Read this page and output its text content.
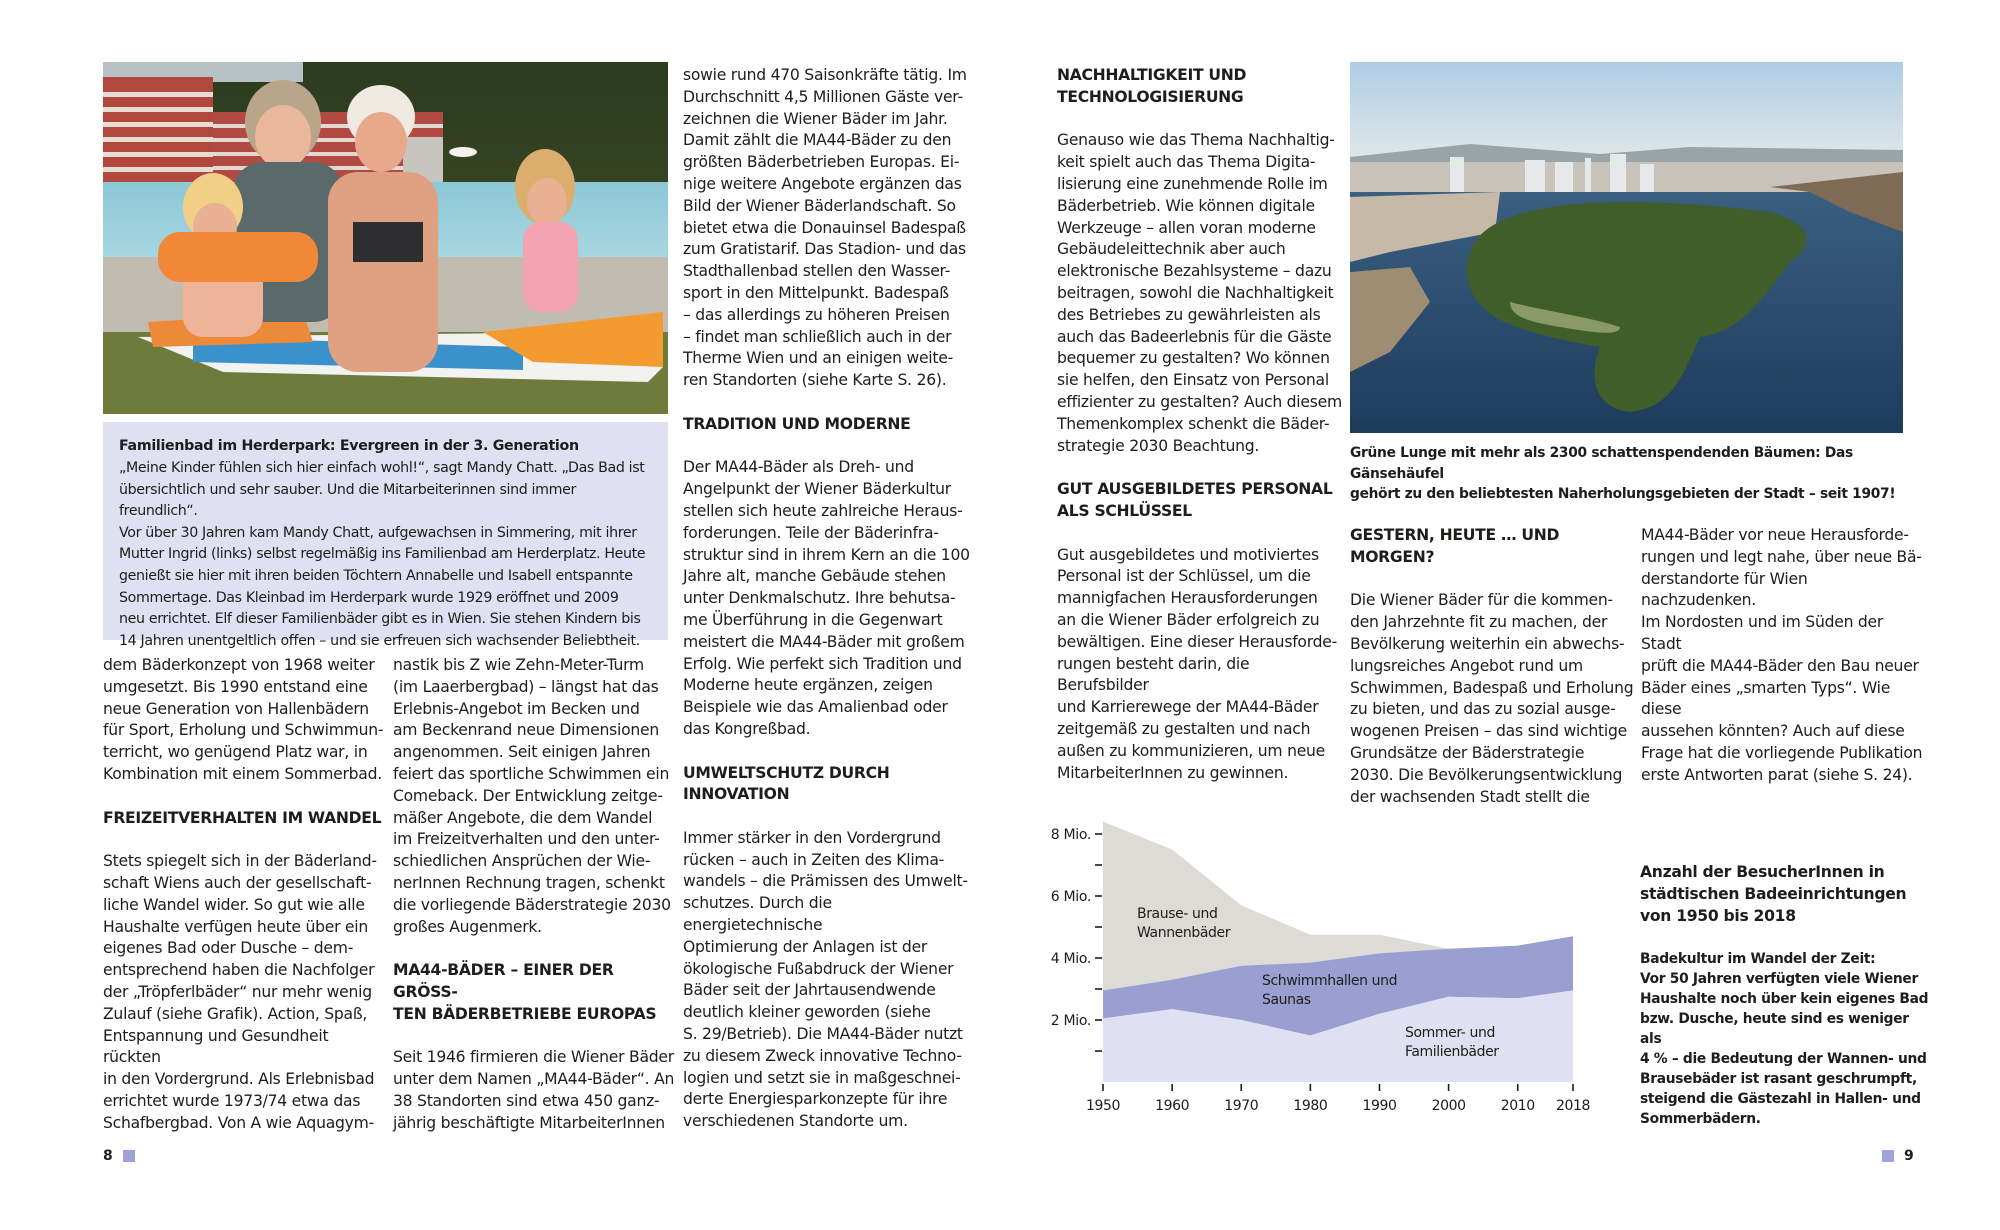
Familienbad im Herderpark: Evergreen in der 3. Generation
„Meine Kinder fühlen sich hier einfach wohl!“, sagt Mandy Chatt. „Das Bad ist
übersichtlich und sehr sauber. Und die Mitarbeiterinnen sind immer freundlich“.
Vor über 30 Jahren kam Mandy Chatt, aufgewachsen in Simmering, mit ihrer
Mutter Ingrid (links) selbst regelmäßig ins Familienbad am Herderplatz. Heute
genießt sie hier mit ihren beiden Töchtern Annabelle und Isabell entspannte
Sommertage. Das Kleinbad im Herderpark wurde 1929 eröffnet und 2009
neu errichtet. Elf dieser Familienbäder gibt es in Wien. Sie stehen Kindern bis
14 Jahren unentgeltlich offen – und sie erfreuen sich wachsender Beliebtheit.
dem Bäderkonzept von 1968 weiter
umgesetzt. Bis 1990 entstand eine
neue Generation von Hallenbädern
für Sport, Erholung und Schwimmun-
terricht, wo genügend Platz war, in
Kombination mit einem Sommerbad.
FREIZEITVERHALTEN IM WANDEL
Stets spiegelt sich in der Bäderland-
schaft Wiens auch der gesellschaft-
liche Wandel wider. So gut wie alle
Haushalte verfügen heute über ein
eigenes Bad oder Dusche – dem-
entsprechend haben die Nachfolger
der „Tröpferlbäder“ nur mehr wenig
Zulauf (siehe Grafik). Action, Spaß,
Entspannung und Gesundheit rückten
in den Vordergrund. Als Erlebnisbad
errichtet wurde 1973/74 etwa das
Schafbergbad. Von A wie Aquagym-
nastik bis Z wie Zehn-Meter-Turm
(im Laaerbergbad) – längst hat das
Erlebnis-Angebot im Becken und
am Beckenrand neue Dimensionen
angenommen. Seit einigen Jahren
feiert das sportliche Schwimmen ein
Comeback. Der Entwicklung zeitge-
mäßer Angebote, die dem Wandel
im Freizeitverhalten und den unter-
schiedlichen Ansprüchen der Wie-
nerInnen Rechnung tragen, schenkt
die vorliegende Bäderstrategie 2030
großes Augenmerk.
MA44-BÄDER – EINER DER GRÖSS-
TEN BÄDERBETRIEBE EUROPAS
Seit 1946 firmieren die Wiener Bäder
unter dem Namen „MA44-Bäder“. An
38 Standorten sind etwa 450 ganz-
jährig beschäftigte MitarbeiterInnen
sowie rund 470 Saisonkräfte tätig. Im
Durchschnitt 4,5 Millionen Gäste ver-
zeichnen die Wiener Bäder im Jahr.
Damit zählt die MA44-Bäder zu den
größten Bäderbetrieben Europas. Ei-
nige weitere Angebote ergänzen das
Bild der Wiener Bäderlandschaft. So
bietet etwa die Donauinsel Badespaß
zum Gratistarif. Das Stadion- und das
Stadthallenbad stellen den Wasser-
sport in den Mittelpunkt. Badespaß
– das allerdings zu höheren Preisen
– findet man schließlich auch in der
Therme Wien und an einigen weite-
ren Standorten (siehe Karte S. 26).
TRADITION UND MODERNE
Der MA44-Bäder als Dreh- und
Angelpunkt der Wiener Bäderkultur
stellen sich heute zahlreiche Heraus-
forderungen. Teile der Bäderinfra-
struktur sind in ihrem Kern an die 100
Jahre alt, manche Gebäude stehen
unter Denkmalschutz. Ihre behutsa-
me Überführung in die Gegenwart
meistert die MA44-Bäder mit großem
Erfolg. Wie perfekt sich Tradition und
Moderne heute ergänzen, zeigen
Beispiele wie das Amalienbad oder
das Kongreßbad.
UMWELTSCHUTZ DURCH
INNOVATION
Immer stärker in den Vordergrund
rücken – auch in Zeiten des Klima-
wandels – die Prämissen des Umwelt-
schutzes. Durch die energietechnische
Optimierung der Anlagen ist der
ökologische Fußabdruck der Wiener
Bäder seit der Jahrtausendwende
deutlich kleiner geworden (siehe
S. 29/Betrieb). Die MA44-Bäder nutzt
zu diesem Zweck innovative Techno-
logien und setzt sie in maßgeschnei-
derte Energiesparkonzepte für ihre
verschiedenen Standorte um.
8
NACHHALTIGKEIT UND
TECHNOLOGISIERUNG
Genauso wie das Thema Nachhaltig-
keit spielt auch das Thema Digita-
lisierung eine zunehmende Rolle im
Bäderbetrieb. Wie können digitale
Werkzeuge – allen voran moderne
Gebäudeleittechnik aber auch
elektronische Bezahlsysteme – dazu
beitragen, sowohl die Nachhaltigkeit
des Betriebes zu gewährleisten als
auch das Badeerlebnis für die Gäste
bequemer zu gestalten? Wo können
sie helfen, den Einsatz von Personal
effizienter zu gestalten? Auch diesem
Themenkomplex schenkt die Bäder-
strategie 2030 Beachtung.
GUT AUSGEBILDETES PERSONAL
ALS SCHLÜSSEL
Gut ausgebildetes und motiviertes
Personal ist der Schlüssel, um die
mannigfachen Herausforderungen
an die Wiener Bäder erfolgreich zu
bewältigen. Eine dieser Herausforde-
rungen besteht darin, die Berufsbilder
und Karrierewege der MA44-Bäder
zeitgemäß zu gestalten und nach
außen zu kommunizieren, um neue
MitarbeiterInnen zu gewinnen.
Grüne Lunge mit mehr als 2300 schattenspendenden Bäumen: Das Gänsehäufel
gehört zu den beliebtesten Naherholungsgebieten der Stadt – seit 1907!
GESTERN, HEUTE … UND MORGEN?
Die Wiener Bäder für die kommen-
den Jahrzehnte fit zu machen, der
Bevölkerung weiterhin ein abwechs-
lungsreiches Angebot rund um
Schwimmen, Badespaß und Erholung
zu bieten, und das zu sozial ausge-
wogenen Preisen – das sind wichtige
Grundsätze der Bäderstrategie
2030. Die Bevölkerungsentwicklung
der wachsenden Stadt stellt die
MA44-Bäder vor neue Herausforde-
rungen und legt nahe, über neue Bä-
derstandorte für Wien nachzudenken.
Im Nordosten und im Süden der Stadt
prüft die MA44-Bäder den Bau neuer
Bäder eines „smarten Typs“. Wie diese
aussehen könnten? Auch auf diese
Frage hat die vorliegende Publikation
erste Antworten parat (siehe S. 24).
2 Mio.
4 Mio.
6 Mio.
8 Mio.
1950	1960	1970	1980	1990	2000	2010 2018
Sommer- und
Familienbäder
Schwimmhallen und
Saunas
Brause- und
Wannenbäder
Anzahl der BesucherInnen in
städtischen Badeeinrichtungen
von 1950 bis 2018
Badekultur im Wandel der Zeit:
Vor 50 Jahren verfügten viele Wiener
Haushalte noch über kein eigenes Bad
bzw. Dusche, heute sind es weniger als
4 % – die Bedeutung der Wannen- und
Brausebäder ist rasant geschrumpft,
steigend die Gästezahl in Hallen- und
Sommerbädern.
9
